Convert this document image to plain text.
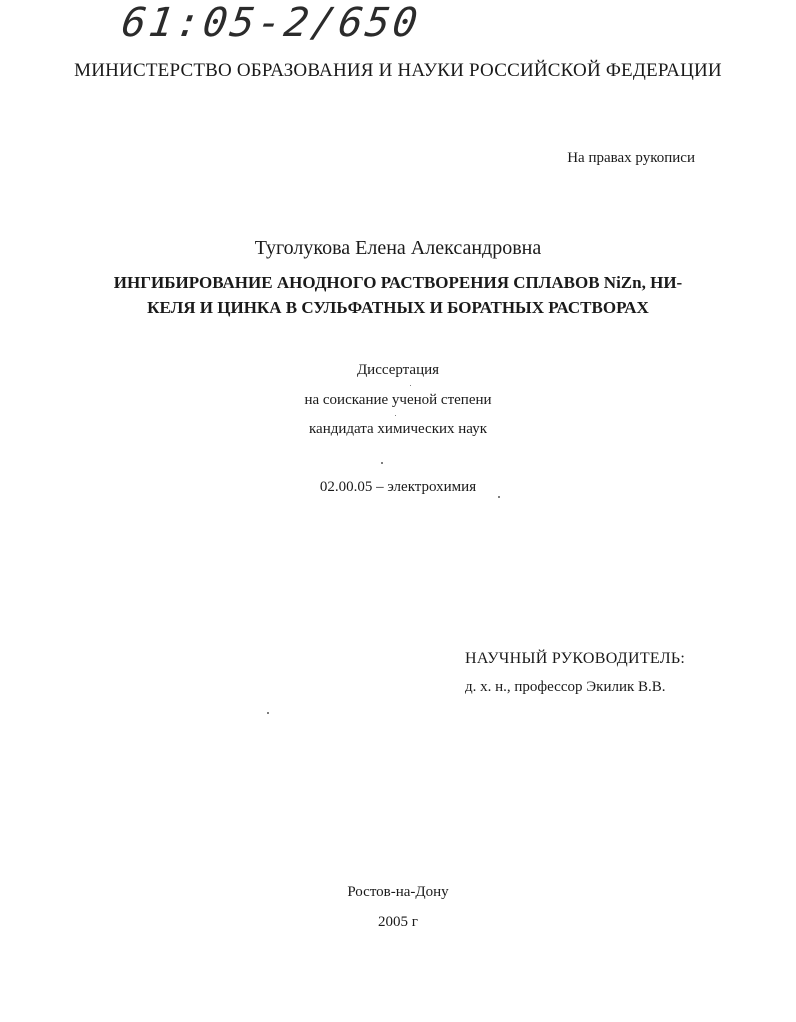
61:05-2/650
МИНИСТЕРСТВО ОБРАЗОВАНИЯ И НАУКИ РОССИЙСКОЙ ФЕДЕРАЦИИ
На правах рукописи
Туголукова Елена Александровна
ИНГИБИРОВАНИЕ АНОДНОГО РАСТВОРЕНИЯ СПЛАВОВ NiZn, НИ-КЕЛЯ И ЦИНКА В СУЛЬФАТНЫХ И БОРАТНЫХ РАСТВОРАХ
Диссертация
на соискание ученой степени
кандидата химических наук
02.00.05 – электрохимия
НАУЧНЫЙ РУКОВОДИТЕЛЬ:
д. х. н., профессор Экилик В.В.
Ростов-на-Дону
2005 г
